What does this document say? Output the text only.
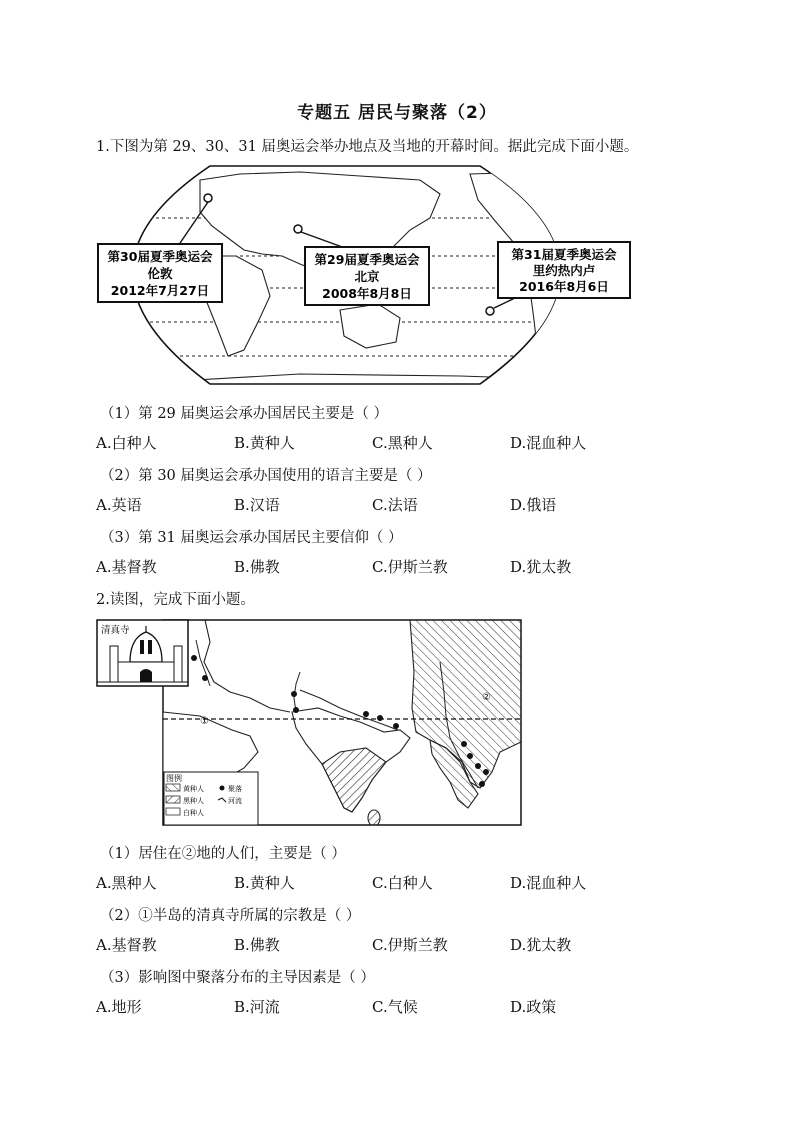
专题五 居民与聚落（2）
1.下图为第 29、30、31 届奥运会举办地点及当地的开幕时间。据此完成下面小题。
第30届夏季奥运会
伦敦
2012年7月27日
第29届夏季奥运会
北京
2008年8月8日
第31届夏季奥运会
里约热内卢
2016年8月6日
（1）第 29 届奥运会承办国居民主要是（ ）
A.白种人	B.黄种人	C.黑种人	D.混血种人
（2）第 30 届奥运会承办国使用的语言主要是（ ）
A.英语	B.汉语	C.法语	D.俄语
（3）第 31 届奥运会承办国居民主要信仰（ ）
A.基督教	B.佛教	C.伊斯兰教	D.犹太教
2.读图，完成下面小题。
①
②
清真寺
图例
黄种人
黑种人
白种人
聚落
河流
（1）居住在②地的人们，主要是（ ）
A.黑种人	B.黄种人	C.白种人	D.混血种人
（2）①半岛的清真寺所属的宗教是（ ）
A.基督教	B.佛教	C.伊斯兰教	D.犹太教
（3）影响图中聚落分布的主导因素是（ ）
A.地形	B.河流	C.气候	D.政策
